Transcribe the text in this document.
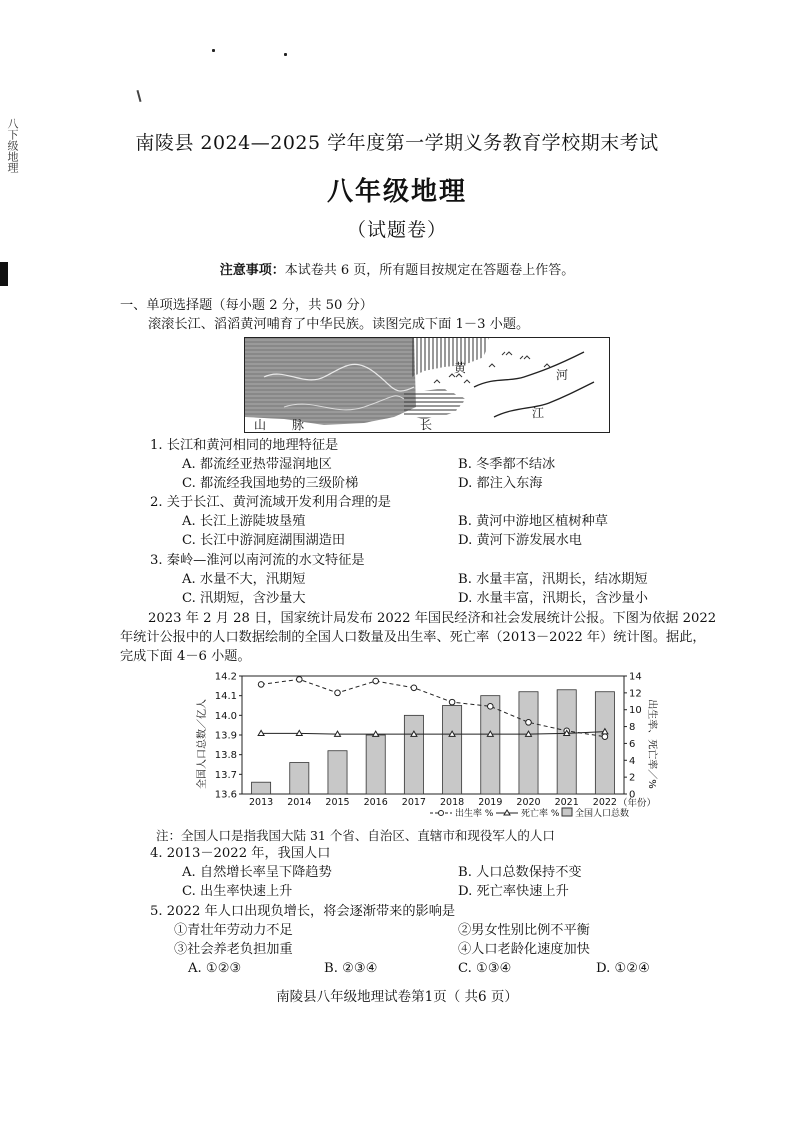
八下级地理	南陵县 2024—2025 学年度第一学期义务教育学校期末考试
八年级地理
（试题卷）
注意事项：本试卷共 6 页，所有题目按规定在答题卷上作答。
一、单项选择题（每小题 2 分，共 50 分）
滚滚长江、滔滔黄河哺育了中华民族。读图完成下面 1－3 小题。
黄	河
江
长
山 脉
1. 长江和黄河相同的地理特征是
A. 都流经亚热带湿润地区	B. 冬季都不结冰
C. 都流经我国地势的三级阶梯	D. 都注入东海
2. 关于长江、黄河流域开发利用合理的是
A. 长江上游陡坡垦殖	B. 黄河中游地区植树种草
C. 长江中游洞庭湖围湖造田	D. 黄河下游发展水电
3. 秦岭—淮河以南河流的水文特征是
A. 水量不大，汛期短	B. 水量丰富，汛期长，结冰期短
C. 汛期短，含沙量大	D. 水量丰富，汛期长，含沙量小
2023 年 2 月 28 日，国家统计局发布 2022 年国民经济和社会发展统计公报。下图为依据 2022
年统计公报中的人口数据绘制的全国人口数量及出生率、死亡率（2013－2022 年）统计图。据此，
完成下面 4－6 小题。
全国人口总数／亿人	出生率、死亡率／%
（年份）
13.6
13.7
13.8
13.9
14.0
14.1
14.2
0
2
4
6
8
10
12
14
2013 2014 2015 2016 2017 2018 2019 2020 2021 2022
出生率 %	死亡率 % 全国人口总数
注：全国人口是指我国大陆 31 个省、自治区、直辖市和现役军人的人口
4. 2013－2022 年，我国人口
A. 自然增长率呈下降趋势	B. 人口总数保持不变
C. 出生率快速上升	D. 死亡率快速上升
5. 2022 年人口出现负增长，将会逐渐带来的影响是
①青壮年劳动力不足	②男女性别比例不平衡
③社会养老负担加重	④人口老龄化速度加快
A. ①②③	B. ②③④	C. ①③④	D. ①②④
南陵县八年级地理试卷第1页（ 共6 页）
